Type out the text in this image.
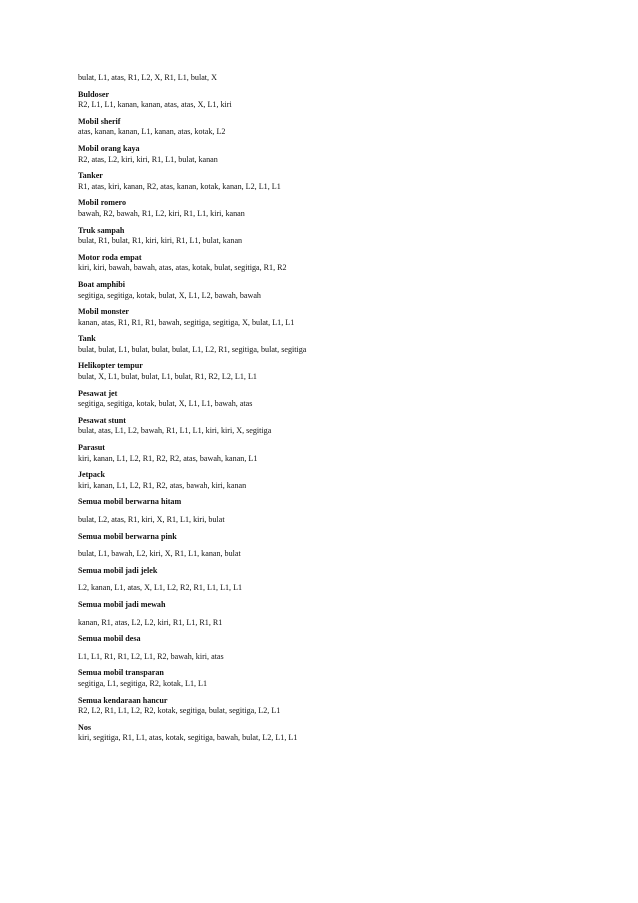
bulat, L1, atas, R1, L2, X, R1, L1, bulat, X
Buldoser
R2, L1, L1, kanan, kanan, atas, atas, X, L1, kiri
Mobil sherif
atas, kanan, kanan, L1, kanan, atas, kotak, L2
Mobil orang kaya
R2, atas, L2, kiri, kiri, R1, L1, bulat, kanan
Tanker
R1, atas, kiri, kanan, R2, atas, kanan, kotak, kanan, L2, L1, L1
Mobil romero
bawah, R2, bawah, R1, L2, kiri, R1, L1, kiri, kanan
Truk sampah
bulat, R1, bulat, R1, kiri, kiri, R1, L1, bulat, kanan
Motor roda empat
kiri, kiri, bawah, bawah, atas, atas, kotak, bulat, segitiga, R1, R2
Boat amphibi
segitiga, segitiga, kotak, bulat, X, L1, L2, bawah, bawah
Mobil monster
kanan, atas, R1, R1, R1, bawah, segitiga, segitiga, X, bulat, L1, L1
Tank
bulat, bulat, L1, bulat, bulat, bulat, L1, L2, R1, segitiga, bulat, segitiga
Helikopter tempur
bulat, X, L1, bulat, bulat, L1, bulat, R1, R2, L2, L1, L1
Pesawat jet
segitiga, segitiga, kotak, bulat, X, L1, L1, bawah, atas
Pesawat stunt
bulat, atas, L1, L2, bawah, R1, L1, L1, kiri, kiri, X, segitiga
Parasut
kiri, kanan, L1, L2, R1, R2, R2, atas, bawah, kanan, L1
Jetpack
kiri, kanan, L1, L2, R1, R2, atas, bawah, kiri, kanan
Semua mobil berwarna hitam
bulat, L2, atas, R1, kiri, X, R1, L1, kiri, bulat
Semua mobil berwarna pink
bulat, L1, bawah, L2, kiri, X, R1, L1, kanan, bulat
Semua mobil jadi jelek
L2, kanan, L1, atas, X, L1, L2, R2, R1, L1, L1, L1
Semua mobil jadi mewah
kanan, R1, atas, L2, L2, kiri, R1, L1, R1, R1
Semua mobil desa
L1, L1, R1, R1, L2, L1, R2, bawah, kiri, atas
Semua mobil transparan
segitiga, L1, segitiga, R2, kotak, L1, L1
Semua kendaraan hancur
R2, L2, R1, L1, L2, R2, kotak, segitiga, bulat, segitiga, L2, L1
Nos
kiri, segitiga, R1, L1, atas, kotak, segitiga, bawah, bulat, L2, L1, L1
